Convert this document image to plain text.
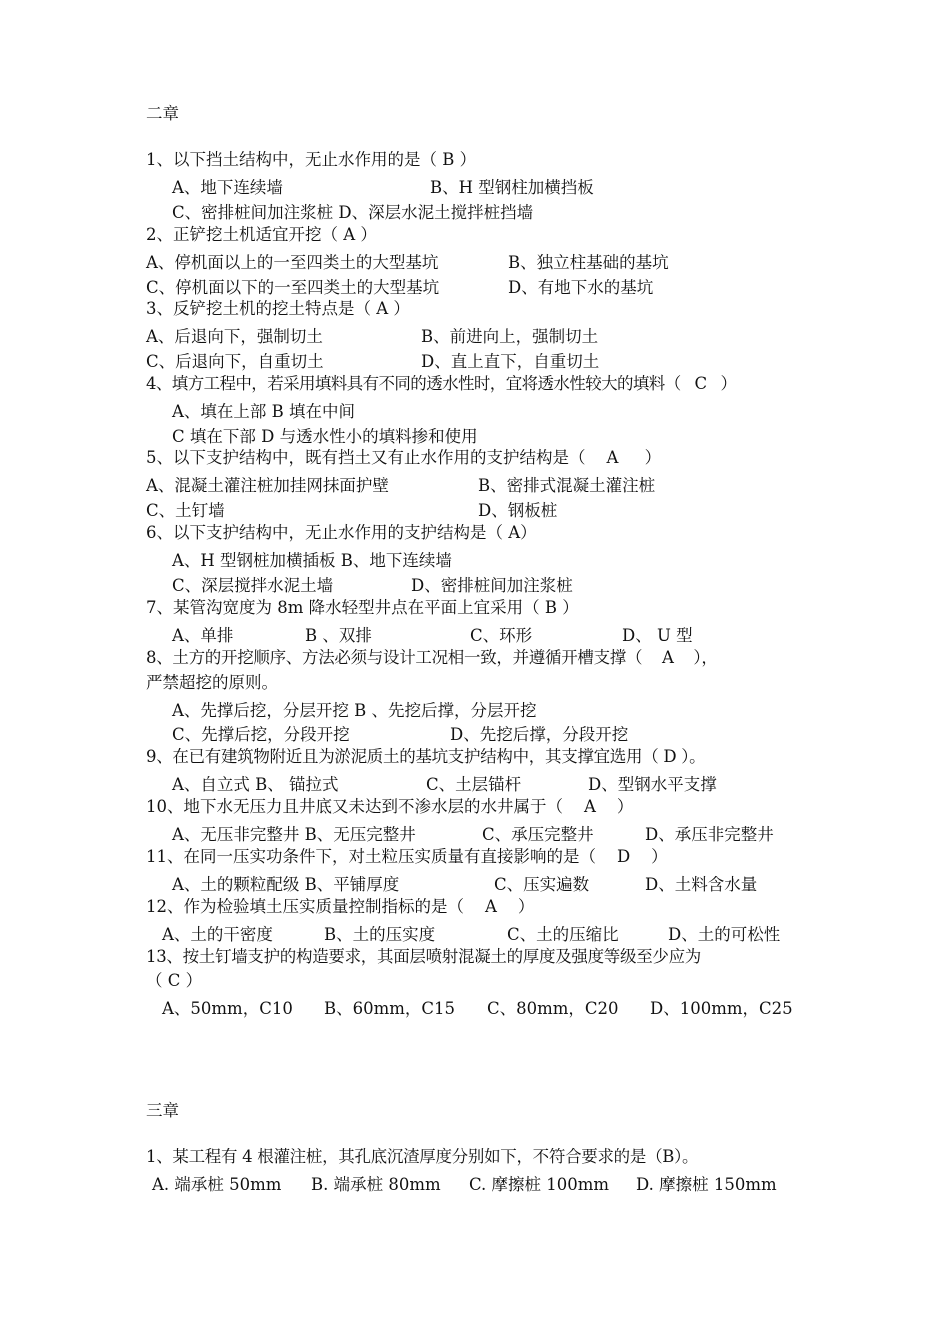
二章
1、以下挡土结构中，无止水作用的是（ B ）
A、地下连续墙	B、H 型钢柱加横挡板
C、密排桩间加注浆桩 D、深层水泥土搅拌桩挡墙
2、正铲挖土机适宜开挖（ A ）
A、停机面以上的一至四类土的大型基坑	B、独立柱基础的基坑
C、停机面以下的一至四类土的大型基坑	D、有地下水的基坑
3、反铲挖土机的挖土特点是（ A ）
A、后退向下，强制切土	B、前进向上，强制切土
C、后退向下，自重切土	D、直上直下，自重切土
4、填方工程中，若采用填料具有不同的透水性时，宜将透水性较大的填料（   C   ）
A、填在上部 B 填在中间
C 填在下部 D 与透水性小的填料掺和使用
5、以下支护结构中，既有挡土又有止水作用的支护结构是（    A     ）
A、混凝土灌注桩加挂网抹面护壁	B、密排式混凝土灌注桩
C、土钉墙	D、钢板桩
6、以下支护结构中，无止水作用的支护结构是（ A）
A、H 型钢桩加横插板 B、地下连续墙
C、深层搅拌水泥土墙	D、密排桩间加注浆桩
7、某管沟宽度为 8m 降水轻型井点在平面上宜采用（ B ）
A、单排	B 、双排	C、环形	D、 U 型
8、土方的开挖顺序、方法必须与设计工况相一致，并遵循开槽支撑（    A    ），
严禁超挖的原则。
A、先撑后挖，分层开挖 B 、先挖后撑，分层开挖
C、先撑后挖，分段开挖	D、先挖后撑，分段开挖
9、在已有建筑物附近且为淤泥质土的基坑支护结构中，其支撑宜选用（ D ）。
A、自立式 B、 锚拉式	C、土层锚杆	D、型钢水平支撑
10、地下水无压力且井底又未达到不渗水层的水井属于（    A    ）
A、无压非完整井 B、无压完整井	C、承压完整井	D、承压非完整井
11、在同一压实功条件下，对土粒压实质量有直接影响的是（    D    ）
A、土的颗粒配级 B、平铺厚度	C、压实遍数	D、土料含水量
12、作为检验填土压实质量控制指标的是（    A    ）
A、土的干密度	B、土的压实度	C、土的压缩比	D、土的可松性
13、按土钉墙支护的构造要求，其面层喷射混凝土的厚度及强度等级至少应为
（ C ）
A、50mm，C10 B、60mm，C15 C、80mm，C20 D、100mm，C25
三章
1、某工程有 4 根灌注桩，其孔底沉渣厚度分别如下，不符合要求的是（B）。
A. 端承桩 50mm B. 端承桩 80mm C. 摩擦桩 100mm D. 摩擦桩 150mm
